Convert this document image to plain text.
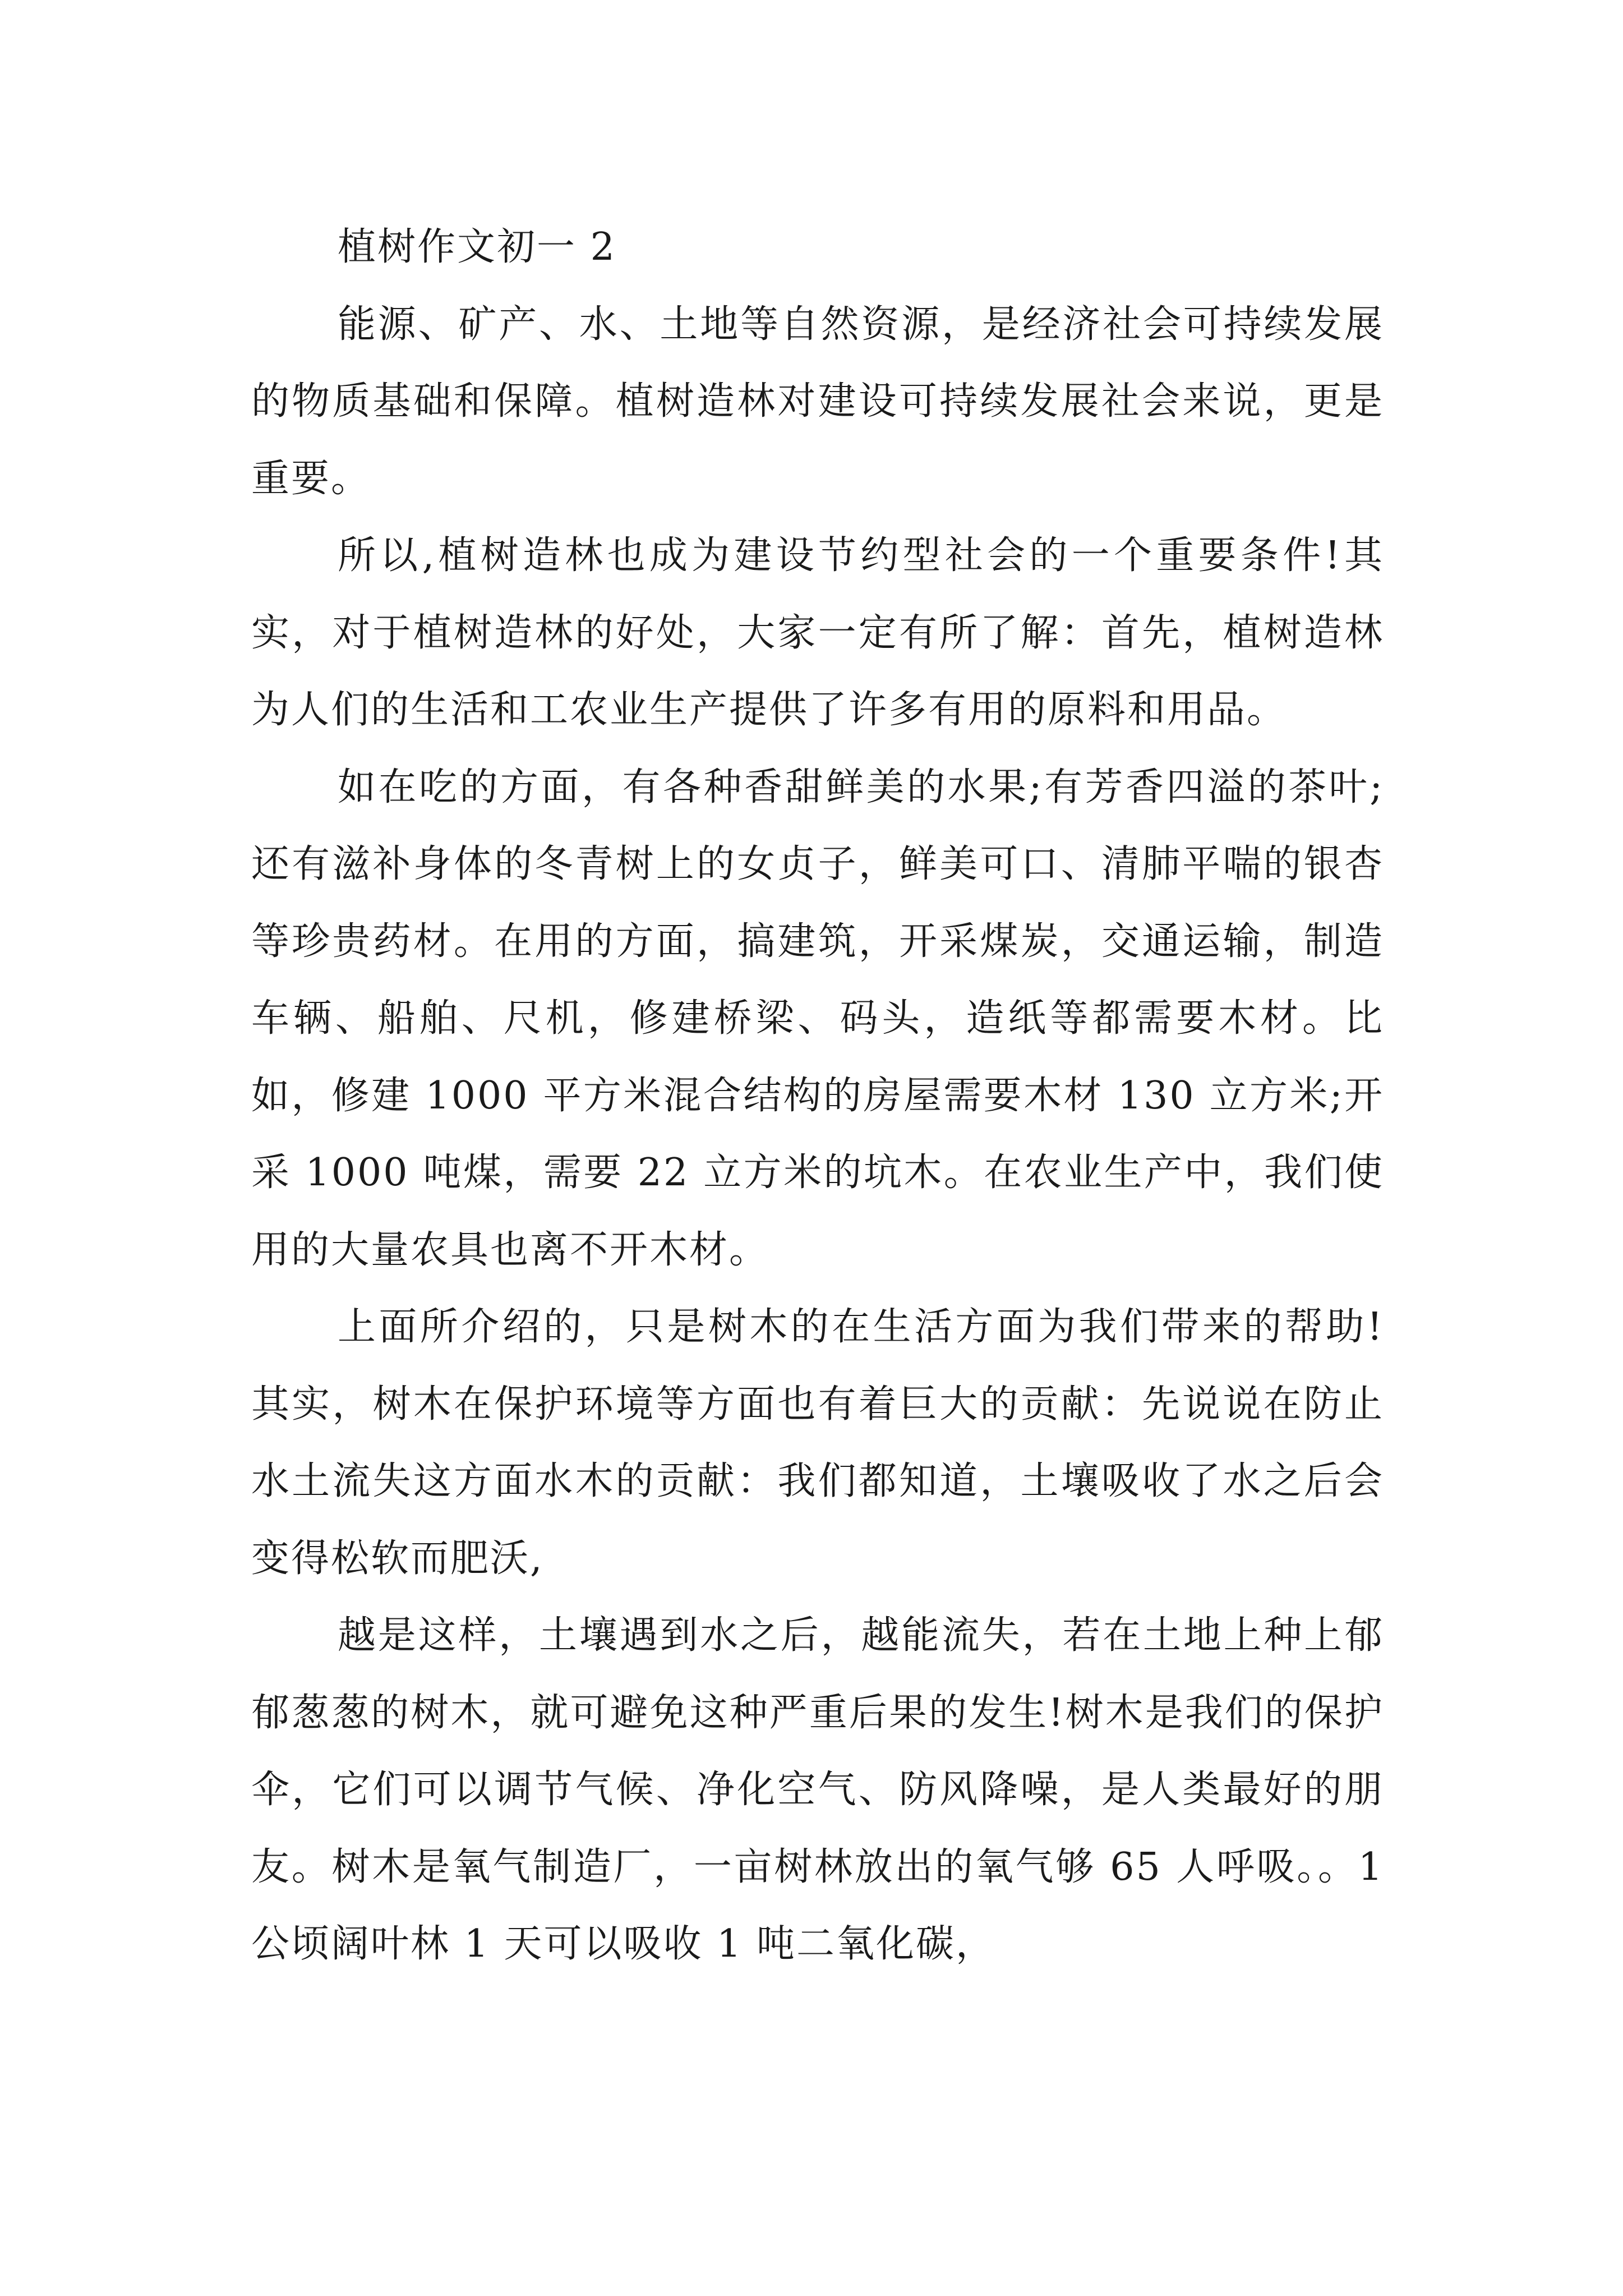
植树作文初一 2

能源、矿产、水、土地等自然资源，是经济社会可持续发展的物质基础和保障。植树造林对建设可持续发展社会来说，更是重要。

所以,植树造林也成为建设节约型社会的一个重要条件!其实，对于植树造林的好处，大家一定有所了解：首先，植树造林为人们的生活和工农业生产提供了许多有用的原料和用品。

如在吃的方面，有各种香甜鲜美的水果;有芳香四溢的茶叶;还有滋补身体的冬青树上的女贞子，鲜美可口、清肺平喘的银杏等珍贵药材。在用的方面，搞建筑，开采煤炭，交通运输，制造车辆、船舶、尺机，修建桥梁、码头，造纸等都需要木材。比如，修建 1000 平方米混合结构的房屋需要木材 130 立方米;开采 1000 吨煤，需要 22 立方米的坑木。在农业生产中，我们使用的大量农具也离不开木材。

上面所介绍的，只是树木的在生活方面为我们带来的帮助!其实，树木在保护环境等方面也有着巨大的贡献：先说说在防止水土流失这方面水木的贡献：我们都知道，土壤吸收了水之后会变得松软而肥沃,

越是这样，土壤遇到水之后，越能流失，若在土地上种上郁郁葱葱的树木，就可避免这种严重后果的发生!树木是我们的保护伞，它们可以调节气候、净化空气、防风降噪，是人类最好的朋友。树木是氧气制造厂，一亩树林放出的氧气够 65 人呼吸。。1 公顷阔叶林 1 天可以吸收 1 吨二氧化碳，
